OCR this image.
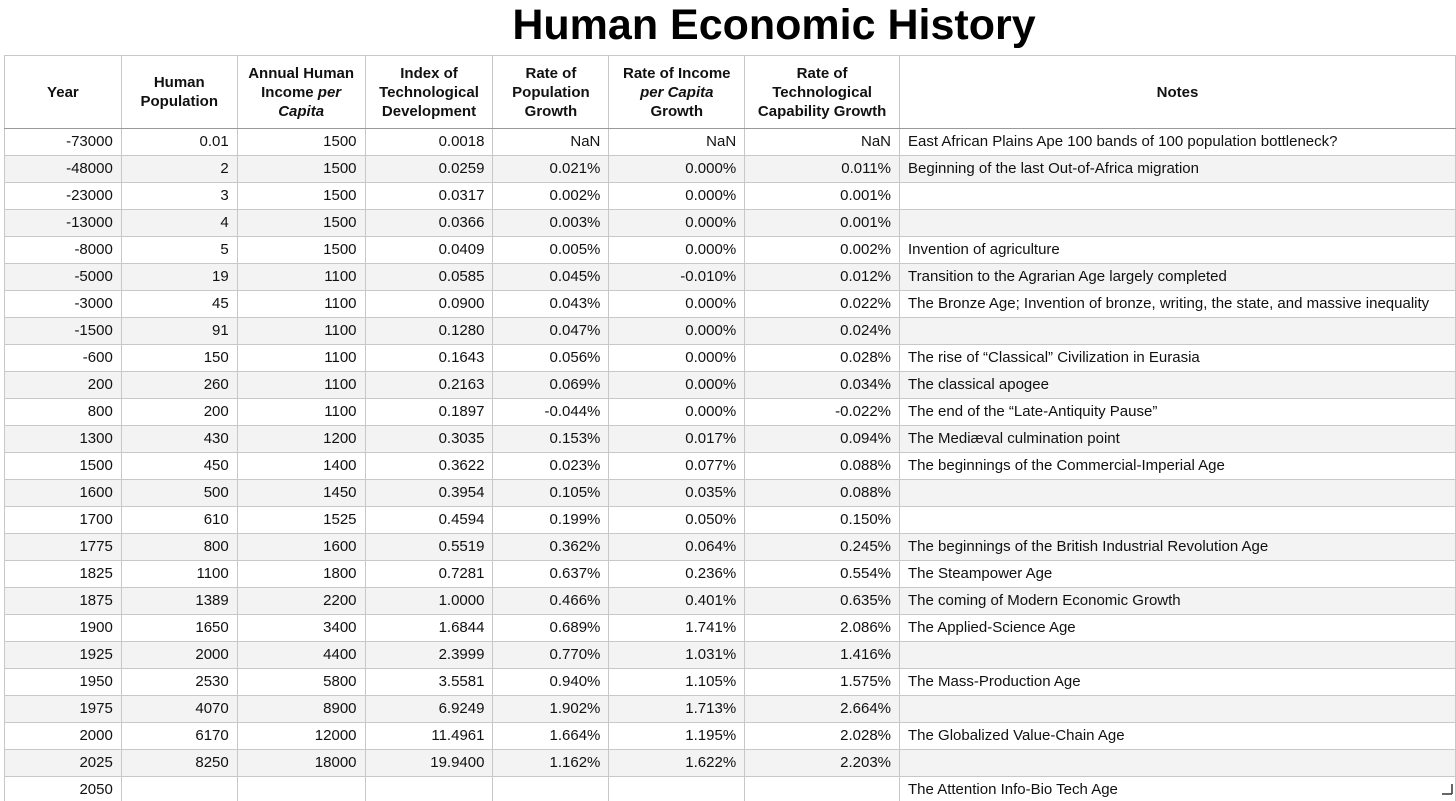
Human Economic History
Year	Human Population	Annual Human Income per Capita	Index of Technological Development	Rate of Population Growth	Rate of Income per Capita Growth	Rate of Technological Capability Growth	Notes
-73000	0.01	1500	0.0018	NaN	NaN	NaN	East African Plains Ape 100 bands of 100 population bottleneck?
-48000	2	1500	0.0259	0.021%	0.000%	0.011%	Beginning of the last Out-of-Africa migration
-23000	3	1500	0.0317	0.002%	0.000%	0.001%	
-13000	4	1500	0.0366	0.003%	0.000%	0.001%	
-8000	5	1500	0.0409	0.005%	0.000%	0.002%	Invention of agriculture
-5000	19	1100	0.0585	0.045%	-0.010%	0.012%	Transition to the Agrarian Age largely completed
-3000	45	1100	0.0900	0.043%	0.000%	0.022%	The Bronze Age; Invention of bronze, writing, the state, and massive inequality
-1500	91	1100	0.1280	0.047%	0.000%	0.024%	
-600	150	1100	0.1643	0.056%	0.000%	0.028%	The rise of “Classical” Civilization in Eurasia
200	260	1100	0.2163	0.069%	0.000%	0.034%	The classical apogee
800	200	1100	0.1897	-0.044%	0.000%	-0.022%	The end of the “Late-Antiquity Pause”
1300	430	1200	0.3035	0.153%	0.017%	0.094%	The Mediæval culmination point
1500	450	1400	0.3622	0.023%	0.077%	0.088%	The beginnings of the Commercial-Imperial Age
1600	500	1450	0.3954	0.105%	0.035%	0.088%	
1700	610	1525	0.4594	0.199%	0.050%	0.150%	
1775	800	1600	0.5519	0.362%	0.064%	0.245%	The beginnings of the British Industrial Revolution Age
1825	1100	1800	0.7281	0.637%	0.236%	0.554%	The Steampower Age
1875	1389	2200	1.0000	0.466%	0.401%	0.635%	The coming of Modern Economic Growth
1900	1650	3400	1.6844	0.689%	1.741%	2.086%	The Applied-Science Age
1925	2000	4400	2.3999	0.770%	1.031%	1.416%	
1950	2530	5800	3.5581	0.940%	1.105%	1.575%	The Mass-Production Age
1975	4070	8900	6.9249	1.902%	1.713%	2.664%	
2000	6170	12000	11.4961	1.664%	1.195%	2.028%	The Globalized Value-Chain Age
2025	8250	18000	19.9400	1.162%	1.622%	2.203%	
2050							The Attention Info-Bio Tech Age
